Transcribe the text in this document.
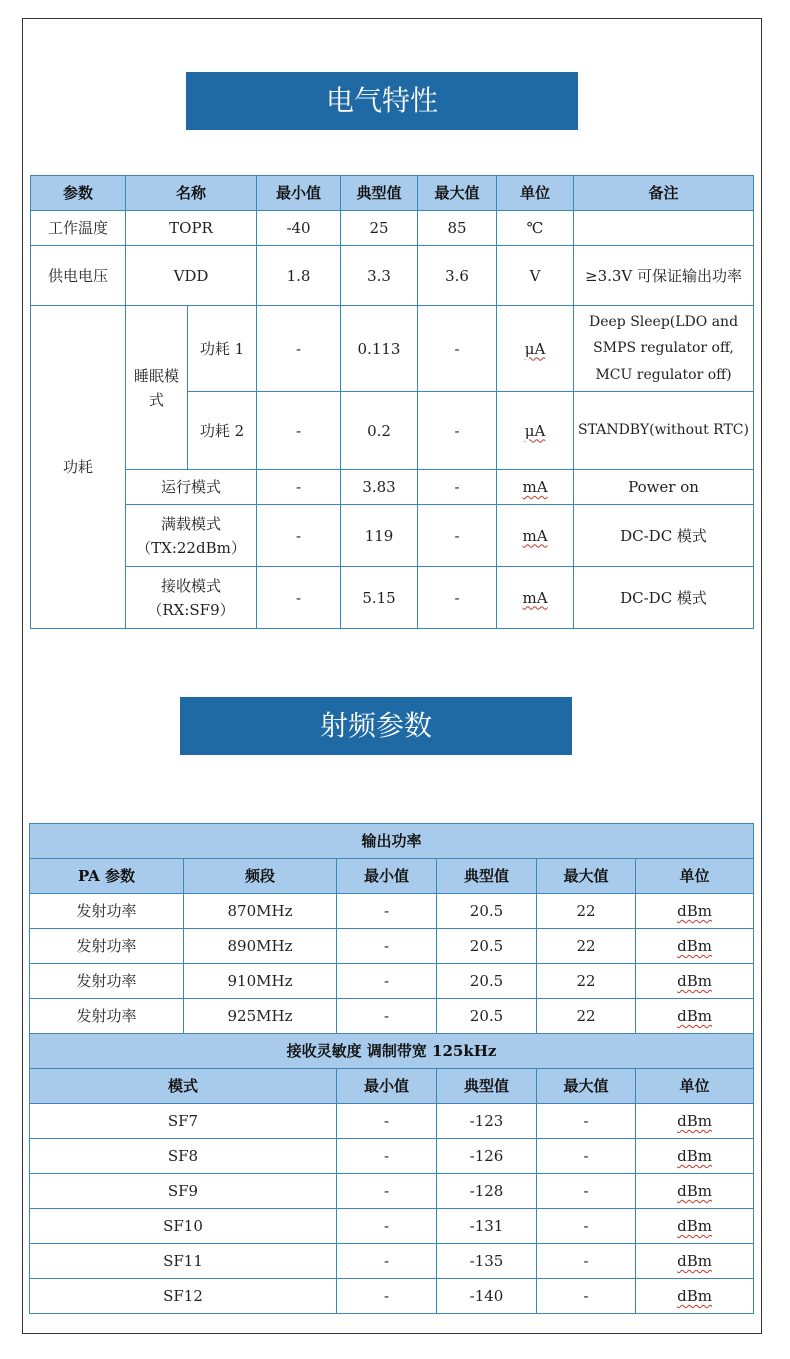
电气特性
参数	名称		最小值	典型值	最大值	单位	备注
工作温度	TOPR		-40	25	85	℃	
供电电压	VDD		1.8	3.3	3.6	V	≥3.3V 可保证输出功率
功耗	睡眠模式	功耗 1	-	0.113	-	μA	Deep Sleep(LDO and SMPS regulator off, MCU regulator off)
		功耗 2	-	0.2	-	μA	STANDBY(without RTC)
	运行模式		-	3.83	-	mA	Power on
	满载模式（TX:22dBm）		-	119	-	mA	DC-DC 模式
	接收模式（RX:SF9）		-	5.15	-	mA	DC-DC 模式
射频参数
输出功率					
PA 参数	频段	最小值	典型值	最大值	单位
发射功率	870MHz	-	20.5	22	dBm
发射功率	890MHz	-	20.5	22	dBm
发射功率	910MHz	-	20.5	22	dBm
发射功率	925MHz	-	20.5	22	dBm
接收灵敏度 调制带宽 125kHz					
模式		最小值	典型值	最大值	单位
SF7		-	-123	-	dBm
SF8		-	-126	-	dBm
SF9		-	-128	-	dBm
SF10		-	-131	-	dBm
SF11		-	-135	-	dBm
SF12		-	-140	-	dBm
